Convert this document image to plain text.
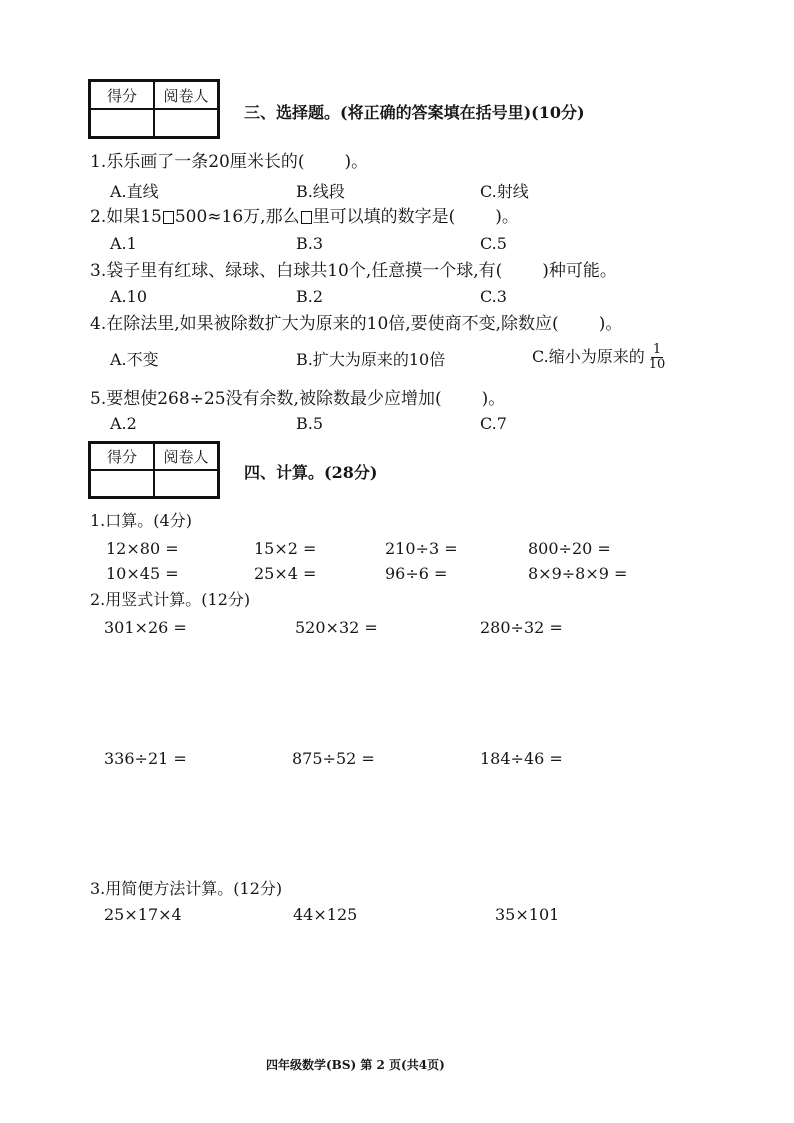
得分	阅卷人
三、选择题。(将正确的答案填在括号里)(10分)
1.乐乐画了一条20厘米长的( )。
A.直线	B.线段	C.射线
2.如果15 500≈16万,那么 里可以填的数字是( )。
A.1	B.3	C.5
3.袋子里有红球、绿球、白球共10个,任意摸一个球,有( )种可能。
A.10	B.2	C.3
4.在除法里,如果被除数扩大为原来的10倍,要使商不变,除数应( )。
A.不变	B.扩大为原来的10倍	C.缩小为原来的 $\frac{1}{10}$
5.要想使268÷25没有余数,被除数最少应增加( )。
A.2	B.5	C.7
得分	阅卷人
四、计算。(28分)
1.口算。(4分)
12×80 =	15×2 =	210÷3 =	800÷20 =
10×45 =	25×4 =	96÷6 =	8×9÷8×9 =
2.用竖式计算。(12分)
301×26 =	520×32 =	280÷32 =
336÷21 =	875÷52 =	184÷46 =
3.用简便方法计算。(12分)
25×17×4	44×125	35×101
四年级数学(BS) 第 2 页(共4页)
